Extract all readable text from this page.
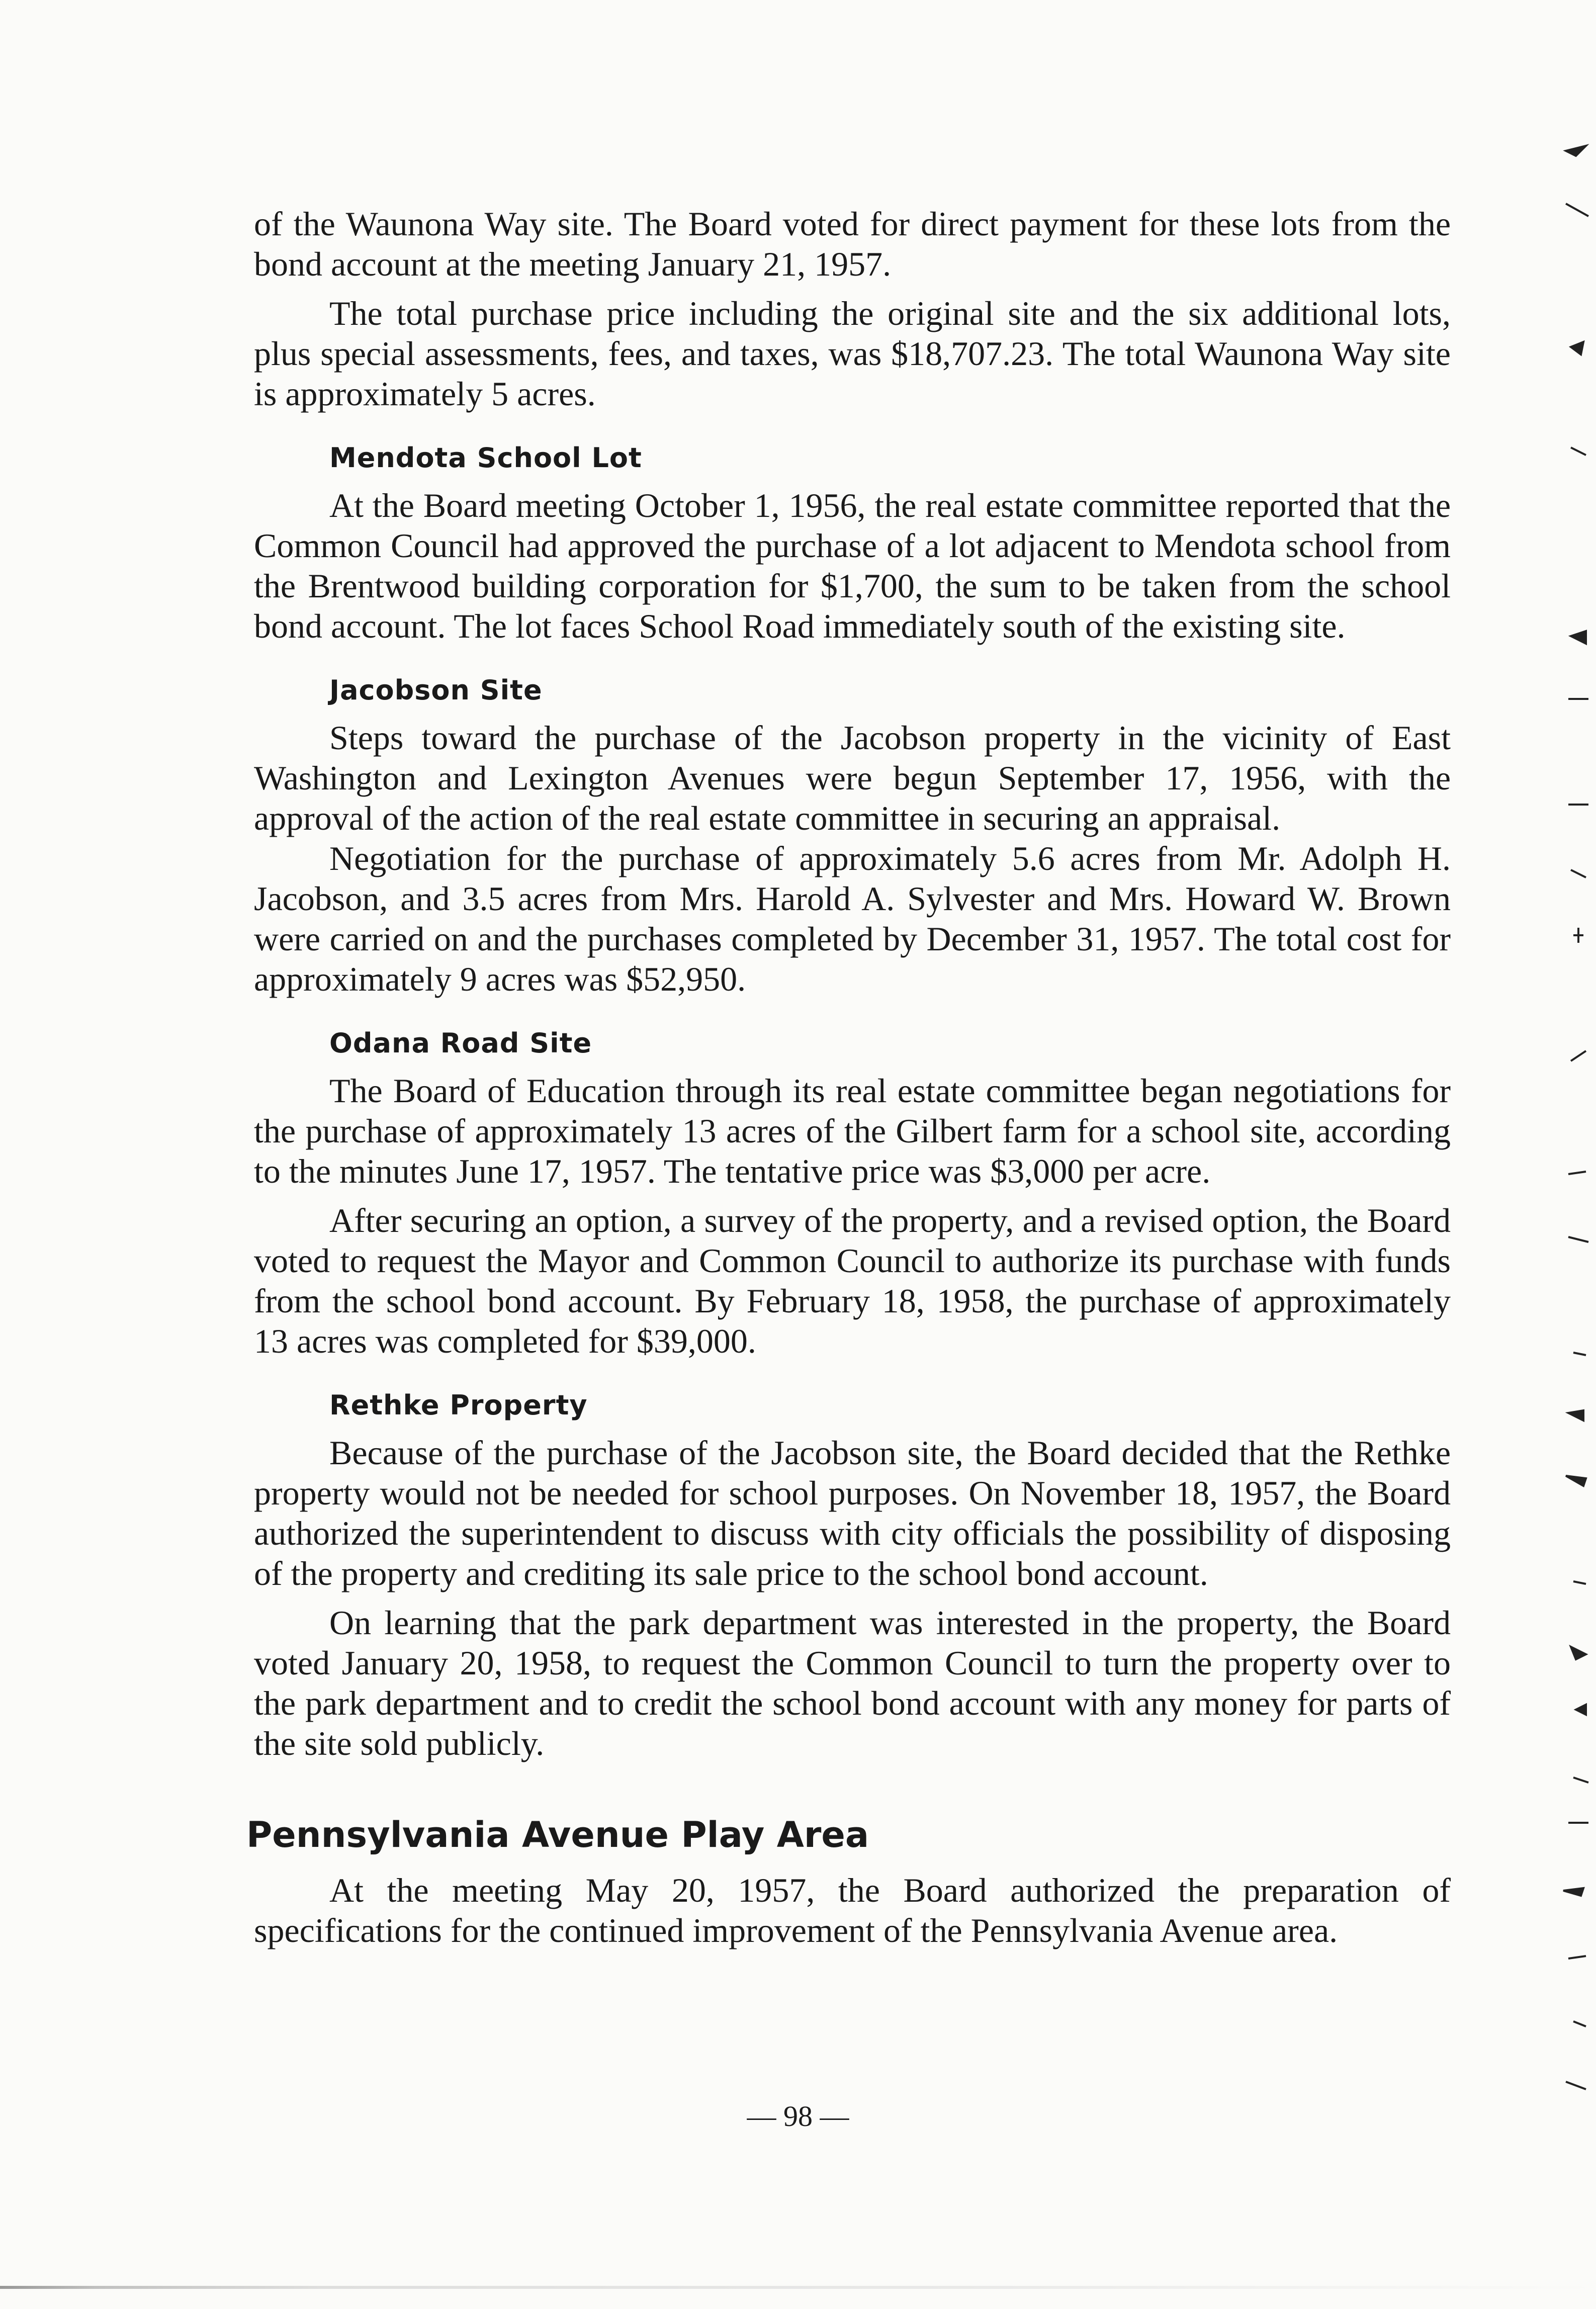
of the Waunona Way site. The Board voted for direct payment for these lots from the bond account at the meeting January 21, 1957.

The total purchase price including the original site and the six additional lots, plus special assessments, fees, and taxes, was $18,707.23. The total Waunona Way site is approximately 5 acres.

Mendota School Lot

At the Board meeting October 1, 1956, the real estate committee reported that the Common Council had approved the purchase of a lot adjacent to Mendota school from the Brentwood building corporation for $1,700, the sum to be taken from the school bond account. The lot faces School Road immediately south of the existing site.

Jacobson Site

Steps toward the purchase of the Jacobson property in the vicinity of East Washington and Lexington Avenues were begun September 17, 1956, with the approval of the action of the real estate committee in securing an appraisal.

Negotiation for the purchase of approximately 5.6 acres from Mr. Adolph H. Jacobson, and 3.5 acres from Mrs. Harold A. Sylvester and Mrs. Howard W. Brown were carried on and the purchases completed by December 31, 1957. The total cost for approximately 9 acres was $52,950.

Odana Road Site

The Board of Education through its real estate committee began negotiations for the purchase of approximately 13 acres of the Gilbert farm for a school site, according to the minutes June 17, 1957. The tentative price was $3,000 per acre.

After securing an option, a survey of the property, and a revised option, the Board voted to request the Mayor and Common Council to authorize its purchase with funds from the school bond account. By February 18, 1958, the purchase of approximately 13 acres was completed for $39,000.

Rethke Property

Because of the purchase of the Jacobson site, the Board decided that the Rethke property would not be needed for school purposes. On November 18, 1957, the Board authorized the superintendent to discuss with city officials the possibility of disposing of the property and crediting its sale price to the school bond account.

On learning that the park department was interested in the property, the Board voted January 20, 1958, to request the Common Council to turn the property over to the park department and to credit the school bond account with any money for parts of the site sold publicly.

Pennsylvania Avenue Play Area

At the meeting May 20, 1957, the Board authorized the preparation of specifications for the continued improvement of the Pennsylvania Avenue area.

— 98 —
